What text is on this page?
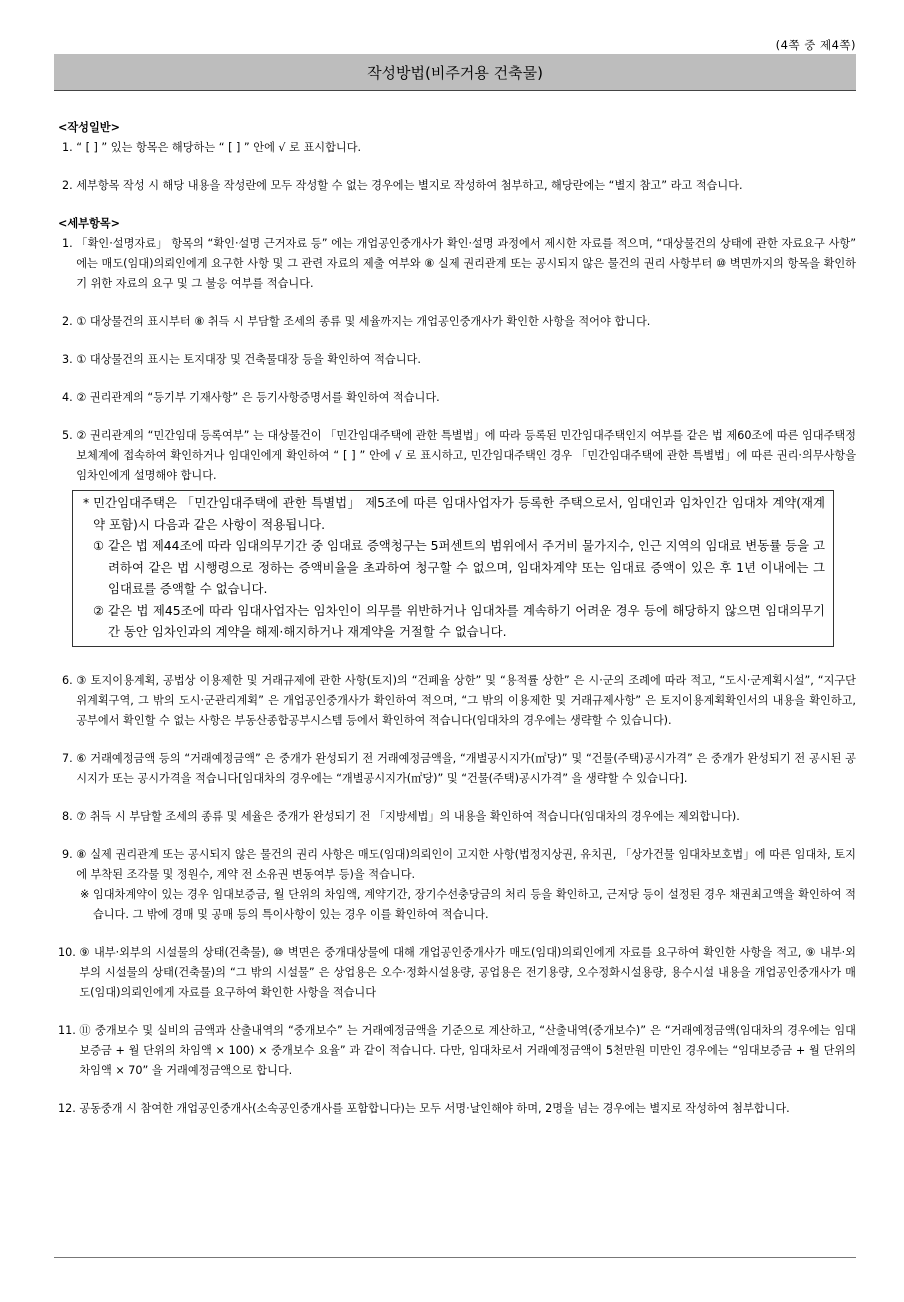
(4쪽 중 제4쪽)
작성방법(비주거용 건축물)

<작성일반>

1. “ [ ] ” 있는 항목은 해당하는 “ [ ] ” 안에 √ 로 표시합니다.
2. 세부항목 작성 시 해당 내용을 작성란에 모두 작성할 수 없는 경우에는 별지로 작성하여 첨부하고, 해당란에는 “별지 참고” 라고 적습니다.

<세부항목>

1. 「확인·설명자료」 항목의 “확인·설명 근거자료 등” 에는 개업공인중개사가 확인·설명 과정에서 제시한 자료를 적으며, “대상물건의 상태에 관한 자료요구 사항” 에는 매도(임대)의뢰인에게 요구한 사항 및 그 관련 자료의 제출 여부와 ⑧ 실제 권리관계 또는 공시되지 않은 물건의 권리 사항부터 ⑩ 벽면까지의 항목을 확인하기 위한 자료의 요구 및 그 불응 여부를 적습니다.
2. ① 대상물건의 표시부터 ⑧ 취득 시 부담할 조세의 종류 및 세율까지는 개업공인중개사가 확인한 사항을 적어야 합니다.
3. ① 대상물건의 표시는 토지대장 및 건축물대장 등을 확인하여 적습니다.
4. ② 권리관계의 “등기부 기재사항” 은 등기사항증명서를 확인하여 적습니다.
5. ② 권리관계의 “민간임대 등록여부” 는 대상물건이 「민간임대주택에 관한 특별법」에 따라 등록된 민간임대주택인지 여부를 같은 법 제60조에 따른 임대주택정보체계에 접속하여 확인하거나 임대인에게 확인하여 “ [ ] ” 안에 √ 로 표시하고, 민간임대주택인 경우 「민간임대주택에 관한 특별법」에 따른 권리·의무사항을 임차인에게 설명해야 합니다.
* 민간임대주택은 「민간임대주택에 관한 특별법」 제5조에 따른 임대사업자가 등록한 주택으로서, 임대인과 임차인간 임대차 계약(재계약 포함)시 다음과 같은 사항이 적용됩니다.
① 같은 법 제44조에 따라 임대의무기간 중 임대료 증액청구는 5퍼센트의 범위에서 주거비 물가지수, 인근 지역의 임대료 변동률 등을 고려하여 같은 법 시행령으로 정하는 증액비율을 초과하여 청구할 수 없으며, 임대차계약 또는 임대료 증액이 있은 후 1년 이내에는 그 임대료를 증액할 수 없습니다.
② 같은 법 제45조에 따라 임대사업자는 임차인이 의무를 위반하거나 임대차를 계속하기 어려운 경우 등에 해당하지 않으면 임대의무기간 동안 임차인과의 계약을 해제·해지하거나 재계약을 거절할 수 없습니다.
6. ③ 토지이용계획, 공법상 이용제한 및 거래규제에 관한 사항(토지)의 “건폐율 상한” 및 “용적률 상한” 은 시·군의 조례에 따라 적고, “도시·군계획시설”, “지구단위계획구역, 그 밖의 도시·군관리계획” 은 개업공인중개사가 확인하여 적으며, “그 밖의 이용제한 및 거래규제사항” 은 토지이용계획확인서의 내용을 확인하고, 공부에서 확인할 수 없는 사항은 부동산종합공부시스템 등에서 확인하여 적습니다(임대차의 경우에는 생략할 수 있습니다).
7. ⑥ 거래예정금액 등의 “거래예정금액” 은 중개가 완성되기 전 거래예정금액을, “개별공시지가(㎡당)” 및 “건물(주택)공시가격” 은 중개가 완성되기 전 공시된 공시지가 또는 공시가격을 적습니다[임대차의 경우에는 “개별공시지가(㎡당)” 및 “건물(주택)공시가격” 을 생략할 수 있습니다].
8. ⑦ 취득 시 부담할 조세의 종류 및 세율은 중개가 완성되기 전 「지방세법」의 내용을 확인하여 적습니다(임대차의 경우에는 제외합니다).
9. ⑧ 실제 권리관계 또는 공시되지 않은 물건의 권리 사항은 매도(임대)의뢰인이 고지한 사항(법정지상권, 유치권, 「상가건물 임대차보호법」에 따른 임대차, 토지에 부착된 조각물 및 정원수, 계약 전 소유권 변동여부 등)을 적습니다.
※ 임대차계약이 있는 경우 임대보증금, 월 단위의 차임액, 계약기간, 장기수선충당금의 처리 등을 확인하고, 근저당 등이 설정된 경우 채권최고액을 확인하여 적습니다. 그 밖에 경매 및 공매 등의 특이사항이 있는 경우 이를 확인하여 적습니다.
10. ⑨ 내부·외부의 시설물의 상태(건축물), ⑩ 벽면은 중개대상물에 대해 개업공인중개사가 매도(임대)의뢰인에게 자료를 요구하여 확인한 사항을 적고, ⑨ 내부·외부의 시설물의 상태(건축물)의 “그 밖의 시설물” 은 상업용은 오수·정화시설용량, 공업용은 전기용량, 오수정화시설용량, 용수시설 내용을 개업공인중개사가 매도(임대)의뢰인에게 자료를 요구하여 확인한 사항을 적습니다
11. ⑪ 중개보수 및 실비의 금액과 산출내역의 “중개보수” 는 거래예정금액을 기준으로 계산하고, “산출내역(중개보수)” 은 “거래예정금액(임대차의 경우에는 임대보증금 + 월 단위의 차임액 × 100) × 중개보수 요율” 과 같이 적습니다. 다만, 임대차로서 거래예정금액이 5천만원 미만인 경우에는 “임대보증금 + 월 단위의 차임액 × 70” 을 거래예정금액으로 합니다.
12. 공동중개 시 참여한 개업공인중개사(소속공인중개사를 포함합니다)는 모두 서명·날인해야 하며, 2명을 넘는 경우에는 별지로 작성하여 첨부합니다.
